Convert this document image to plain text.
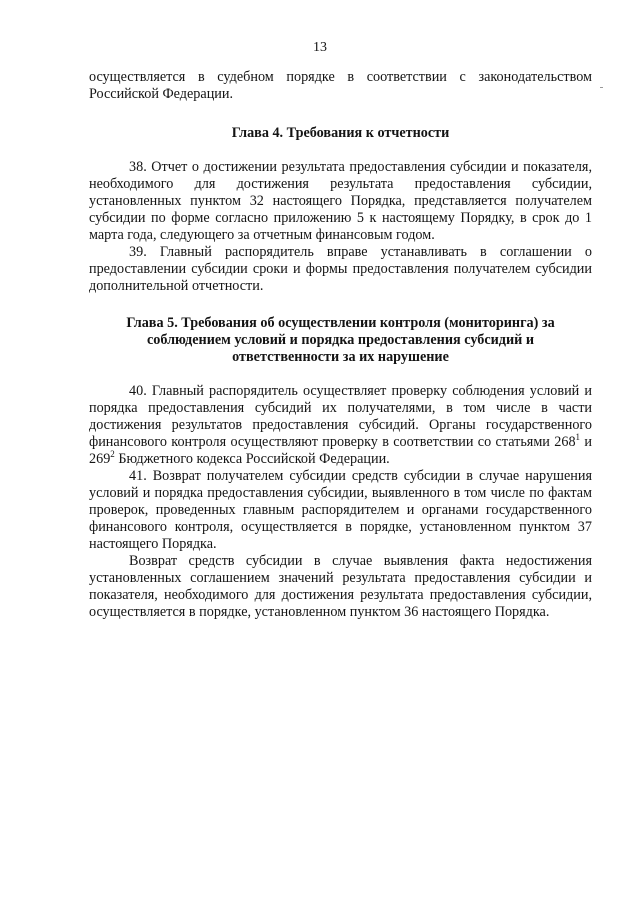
13

осуществляется в судебном порядке в соответствии с законодательством Российской Федерации.

Глава 4. Требования к отчетности

38. Отчет о достижении результата предоставления субсидии и показателя, необходимого для достижения результата предоставления субсидии, установленных пунктом 32 настоящего Порядка, представляется получателем субсидии по форме согласно приложению 5 к настоящему Порядку, в срок до 1 марта года, следующего за отчетным финансовым годом.

39. Главный распорядитель вправе устанавливать в соглашении о предоставлении субсидии сроки и формы предоставления получателем субсидии дополнительной отчетности.

Глава 5. Требования об осуществлении контроля (мониторинга) за
соблюдением условий и порядка предоставления субсидий и
ответственности за их нарушение

40. Главный распорядитель осуществляет проверку соблюдения условий и порядка предоставления субсидий их получателями, в том числе в части достижения результатов предоставления субсидий. Органы государственного финансового контроля осуществляют проверку в соответствии со статьями $268^1$ и $269^2$ Бюджетного кодекса Российской Федерации.

41. Возврат получателем субсидии средств субсидии в случае нарушения условий и порядка предоставления субсидии, выявленного в том числе по фактам проверок, проведенных главным распорядителем и органами государственного финансового контроля, осуществляется в порядке, установленном пунктом 37 настоящего Порядка.

Возврат средств субсидии в случае выявления факта недостижения установленных соглашением значений результата предоставления субсидии и показателя, необходимого для достижения результата предоставления субсидии, осуществляется в порядке, установленном пунктом 36 настоящего Порядка.
